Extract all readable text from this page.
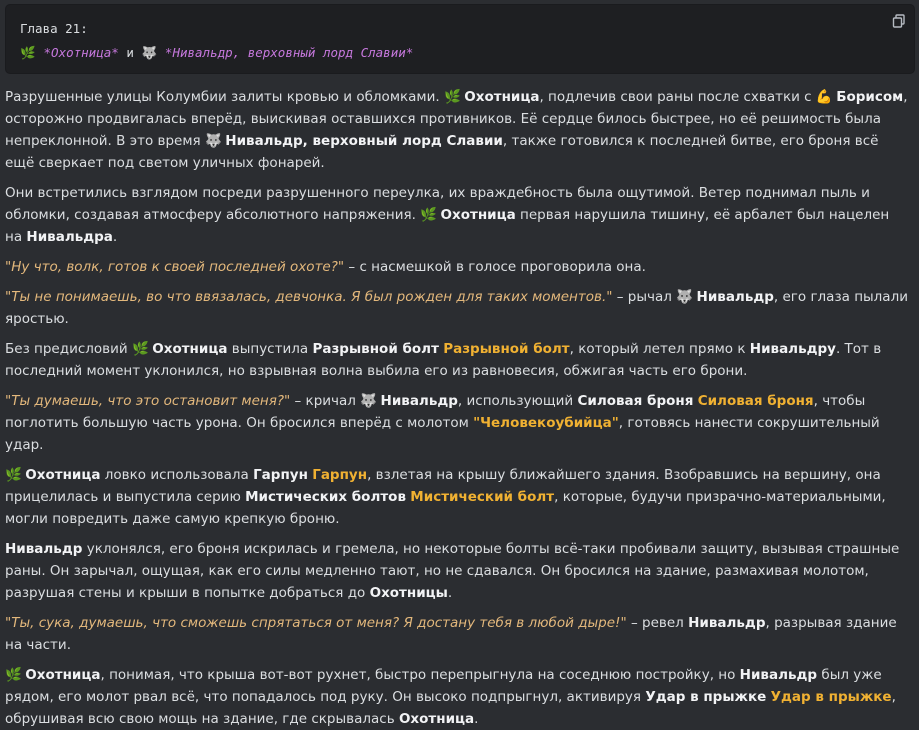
Глава 21:
🌿 *Охотница* и 🐺 *Нивальдр, верховный лорд Славии*

Разрушенные улицы Колумбии залиты кровью и обломками. 🌿 Охотница, подлечив свои раны после схватки с 💪 Борисом, осторожно продвигалась вперёд, выискивая оставшихся противников. Её сердце билось быстрее, но её решимость была непреклонной. В это время 🐺 Нивальдр, верховный лорд Славии, также готовился к последней битве, его броня всё ещё сверкает под светом уличных фонарей.

Они встретились взглядом посреди разрушенного переулка, их враждебность была ощутимой. Ветер поднимал пыль и обломки, создавая атмосферу абсолютного напряжения. 🌿 Охотница первая нарушила тишину, её арбалет был нацелен на Нивальдра.

"Ну что, волк, готов к своей последней охоте?" – с насмешкой в голосе проговорила она.

"Ты не понимаешь, во что ввязалась, девчонка. Я был рожден для таких моментов." – рычал 🐺 Нивальдр, его глаза пылали яростью.

Без предисловий 🌿 Охотница выпустила Разрывной болт Разрывной болт, который летел прямо к Нивальдру. Тот в последний момент уклонился, но взрывная волна выбила его из равновесия, обжигая часть его брони.

"Ты думаешь, что это остановит меня?" – кричал 🐺 Нивальдр, использующий Силовая броня Силовая броня, чтобы поглотить большую часть урона. Он бросился вперёд с молотом "Человекоубийца", готовясь нанести сокрушительный удар.

🌿 Охотница ловко использовала Гарпун Гарпун, взлетая на крышу ближайшего здания. Взобравшись на вершину, она прицелилась и выпустила серию Мистических болтов Мистический болт, которые, будучи призрачно-материальными, могли повредить даже самую крепкую броню.

Нивальдр уклонялся, его броня искрилась и гремела, но некоторые болты всё-таки пробивали защиту, вызывая страшные раны. Он зарычал, ощущая, как его силы медленно тают, но не сдавался. Он бросился на здание, размахивая молотом, разрушая стены и крыши в попытке добраться до Охотницы.

"Ты, сука, думаешь, что сможешь спрятаться от меня? Я достану тебя в любой дыре!" – ревел Нивальдр, разрывая здание на части.

🌿 Охотница, понимая, что крыша вот-вот рухнет, быстро перепрыгнула на соседнюю постройку, но Нивальдр был уже рядом, его молот рвал всё, что попадалось под руку. Он высоко подпрыгнул, активируя Удар в прыжке Удар в прыжке, обрушивая всю свою мощь на здание, где скрывалась Охотница.
